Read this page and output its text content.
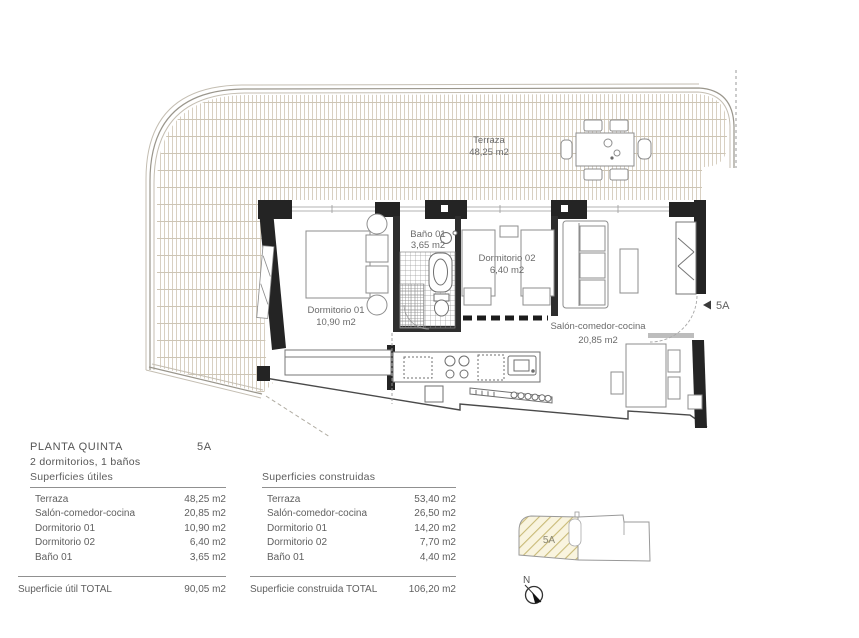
5A
Terraza
48,25 m2
Baño 01
3,65 m2
Dormitorio 02
6,40 m2
Dormitorio 01
10,90 m2	Salón-comedor-cocina
20,85 m2
PLANTA QUINTA	5A
2 dormitorios, 1 baños
Superficies útiles
Terraza	48,25 m2
Salón-comedor-cocina	20,85 m2
Dormitorio 01	10,90 m2
Dormitorio 02	6,40 m2
Baño 01	3,65 m2
Superficie útil TOTAL	90,05 m2
Superficies construidas
Terraza	53,40 m2
Salón-comedor-cocina	26,50 m2
Dormitorio 01	14,20 m2
Dormitorio 02	7,70 m2
Baño 01	4,40 m2
Superficie construida TOTAL	106,20 m2
5A
N
